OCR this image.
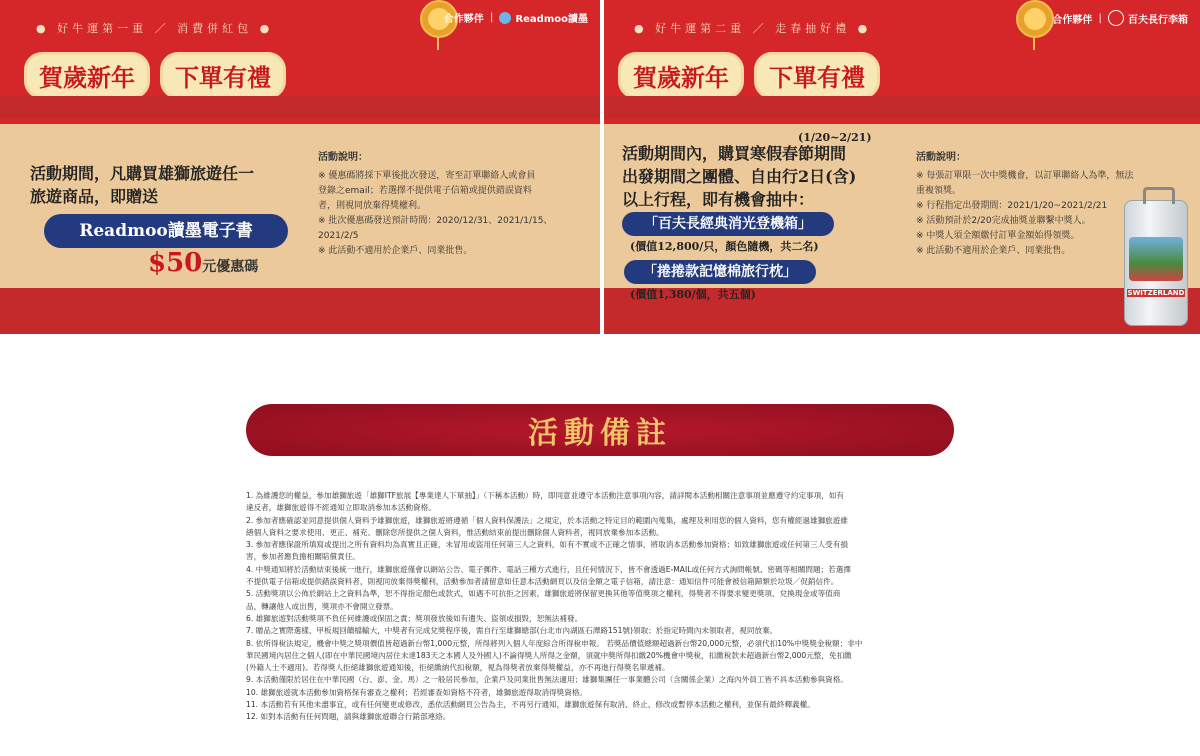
● 好牛運第一重 ／ 消費併紅包 ●
合作夥伴 | Readmoo讀墨
賀歲新年 下單有禮
活動期間，凡購買雄獅旅遊任一
旅遊商品，即贈送
Readmoo讀墨電子書
$50元優惠碼
活動說明：
※ 優惠碼將採下單後批次發送，寄至訂單聯絡人或會員
登錄之email；若選擇不提供電子信箱或提供錯誤資料
者，則視同放棄得獎權利。
※ 批次優惠碼發送預計時間：2020/12/31、2021/1/15、
2021/2/5
※ 此活動不適用於企業戶、同業批售。
● 好牛運第二重 ／ 走春抽好禮 ●
合作夥伴 |	百夫長行李箱
賀歲新年 下單有禮
(1/20~2/21)
活動期間內，購買寒假春節期間
出發期間之團體、自由行2日(含)
以上行程，即有機會抽中：
「百夫長經典消光登機箱」
(價值12,800/只，顏色隨機，共二名)
「捲捲款記憶棉旅行枕」
(價值1,380/個，共五個)
活動說明：
※ 每張訂單限一次中獎機會，以訂單聯絡人為準，無法
重複領獎。
※ 行程指定出發期間：2021/1/20~2021/2/21
※ 活動預計於2/20完成抽獎並聯繫中獎人。
※ 中獎人須全額繳付訂單金額始得領獎。
※ 此活動不適用於企業戶、同業批售。
SWITZERLAND
活動備註
1. 為維護您的權益，參加雄獅旅遊「雄獅ITF旅展【專業達人下單抽】」（下稱本活動）時，即同意並遵守本活動注意事項內容，請詳閱本活動相關注意事項並應遵守約定事項，如有
違反者，雄獅旅遊得不經通知立即取消參加本活動資格。
2. 參加者應確認並同意提供個人資料予雄獅旅遊，雄獅旅遊將遵循「個人資料保護法」之規定，於本活動之特定目的範圍內蒐集，處理及利用您的個人資料，您有權經過雄獅旅遊維
繕個人資料之要求使用、更正、補充、刪除您所提供之個人資料，惟活動結束前提出刪除個人資料者，視同放棄參加本活動。
3. 參加者應保證所填寫或提出之所有資料均為真實且正確，未冒用或盜用任何第三人之資料，如有不實或不正確之情事，將取消本活動參加資格；如致雄獅旅遊或任何第三人受有損
害，參加者應負擔相關賠償責任。
4. 中獎通知將於活動結束後統一進行，雄獅旅遊僅會以網站公告、電子郵件、電話三種方式進行，且任何情況下，皆不會透過E-MAIL或任何方式詢問帳號、密碼等相關問題；若選擇
不提供電子信箱或提供錯誤資料者，則視同放棄得獎權利，活動參加者請留意如任意本活動網頁以及信金額之電子信箱，請注意：通知信件可能會被信箱歸類於垃圾／促銷信件。
5. 活動獎項以公佈於網站上之資料為準，恕不得指定顏色或款式，如遇不可抗拒之因素，雄獅旅遊將保留更換其他等值獎項之權利，得獎者不得要求變更獎項、兌換現金或等值商
品，轉讓他人或出售，獎項亦不會開立發票。
6. 雄獅旅遊對活動獎項不負任何維護或保固之責；獎項發放後如有遺失、盜領或損毀，恕無法補發。
7. 贈品之實際選樣、甲板規回饋檔輸大，中獎者有完成兌獎程序後，需自行至雄獅總部(台北市內湖區石潭路151號)領取；於指定時間內未領取者，視同放棄。
8. 依所得稅法規定，機會中獎之獎項價值皆超過新台幣1,000元整，所得將列入個人年度綜合所得稅申報。 若獎品價值總額超過新台幣20,000元整，必須代扣10%中獎獎金稅額；非中
華民國境內居住之個人(即在中華民國境內居住未達183天之本國人及外國人)不論得獎人所得之金額，須就中獎所得扣繳20%機會中獎稅，扣繳稅款未超過新台幣2,000元整，免扣繳
(外籍人士不適用)。若得獎人拒絕雄獅旅遊通知後，拒絕繳納代扣稅額，視為得獎者放棄得獎權益，亦不再進行得獎名單遞補。
9. 本活動僅限於居住在中華民國（台、澎、金、馬）之一般居民參加，企業戶及同業批售無法適用；雄獅集團任一事業體公司（含關係企業）之海內外員工皆不具本活動參與資格。
10. 雄獅旅遊就本活動參加資格保有審查之權利；若經審查如資格不符者，雄獅旅遊得取消得獎資格。
11. 本活動若有其他未盡事宜，或有任何變更或修改，悉依活動網頁公告為主，不再另行通知，雄獅旅遊保有取消、終止、修改或暫停本活動之權利，並保有最終釋義權。
12. 如對本活動有任何問題，請與雄獅旅遊聯合行銷部連絡。
